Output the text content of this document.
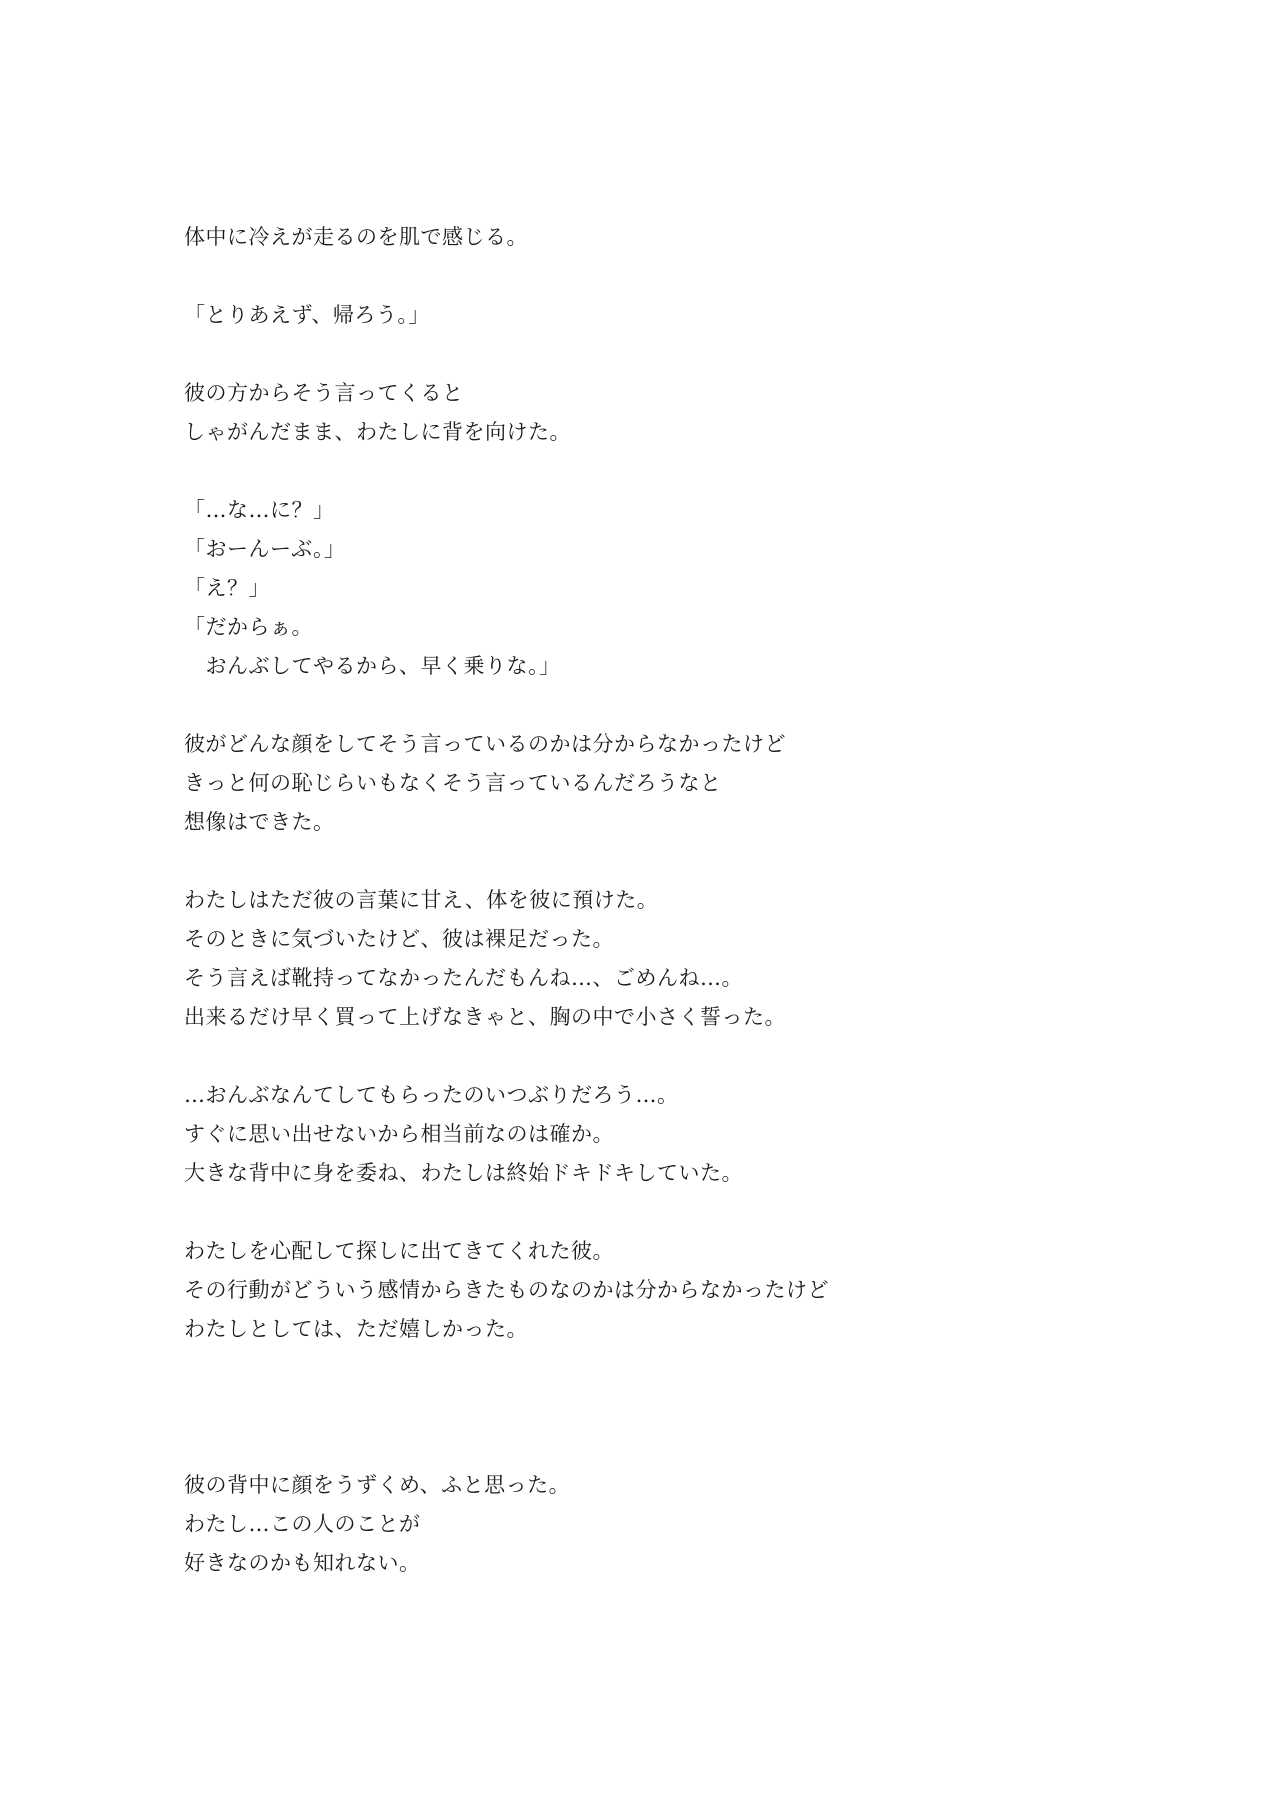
体中に冷えが走るのを肌で感じる。
「とりあえず、帰ろう。」
彼の方からそう言ってくると
しゃがんだまま、わたしに背を向けた。
「…な…に？」
「おーんーぶ。」
「え？」
「だからぁ。
　おんぶしてやるから、早く乗りな。」
彼がどんな顔をしてそう言っているのかは分からなかったけど
きっと何の恥じらいもなくそう言っているんだろうなと
想像はできた。
わたしはただ彼の言葉に甘え、体を彼に預けた。
そのときに気づいたけど、彼は裸足だった。
そう言えば靴持ってなかったんだもんね…、ごめんね…。
出来るだけ早く買って上げなきゃと、胸の中で小さく誓った。
…おんぶなんてしてもらったのいつぶりだろう…。
すぐに思い出せないから相当前なのは確か。
大きな背中に身を委ね、わたしは終始ドキドキしていた。
わたしを心配して探しに出てきてくれた彼。
その行動がどういう感情からきたものなのかは分からなかったけど
わたしとしては、ただ嬉しかった。
彼の背中に顔をうずくめ、ふと思った。
わたし…この人のことが
好きなのかも知れない。
